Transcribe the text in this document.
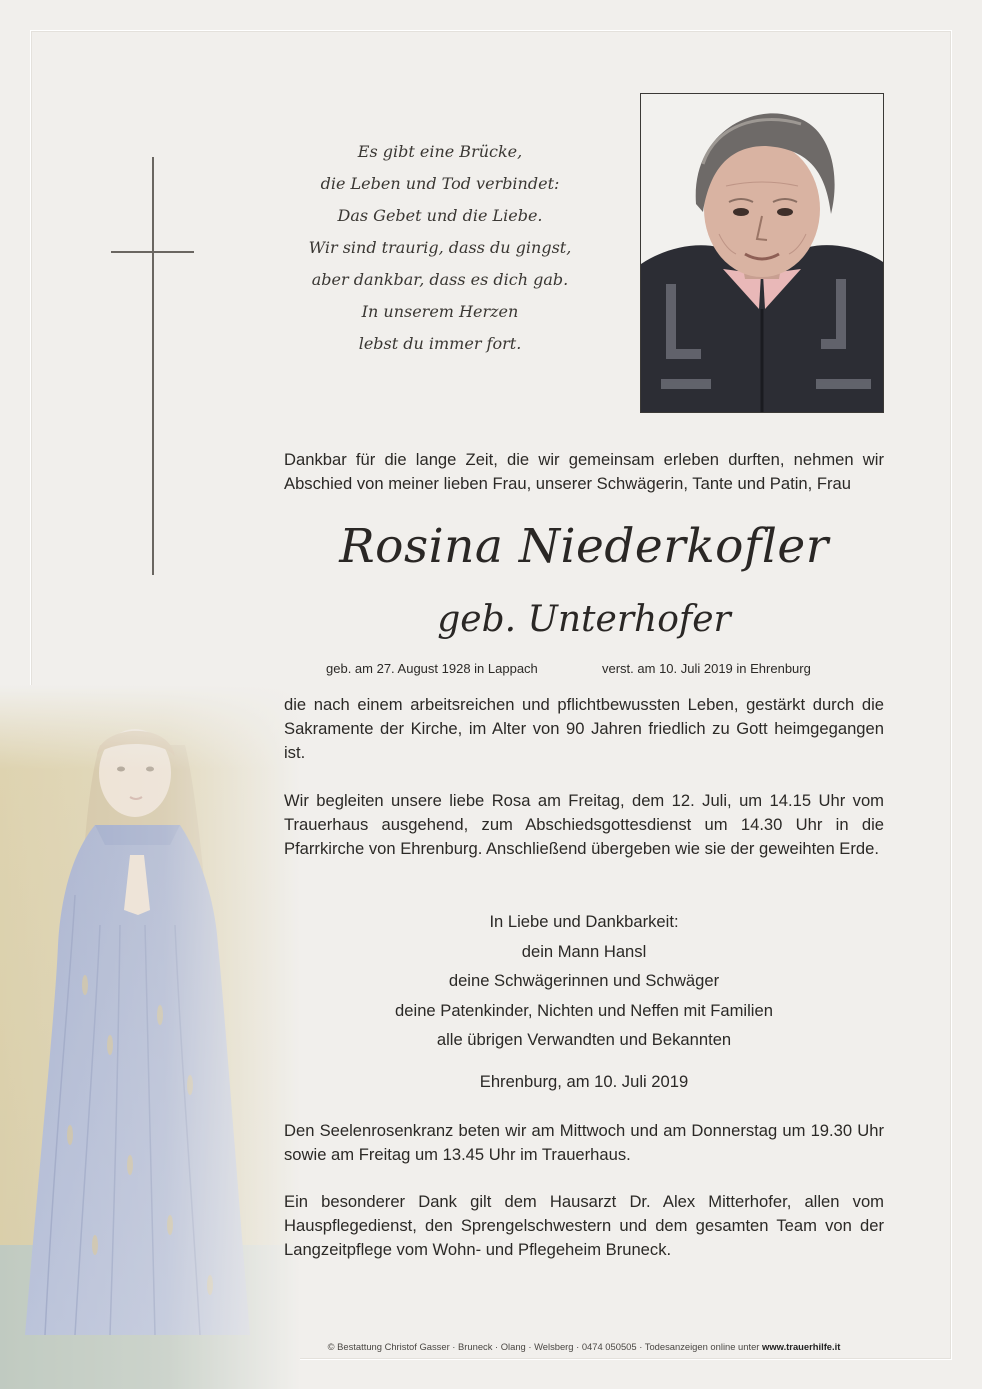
Es gibt eine Brücke,
die Leben und Tod verbindet:
Das Gebet und die Liebe.
Wir sind traurig, dass du gingst,
aber dankbar, dass es dich gab.
In unserem Herzen
lebst du immer fort.
Dankbar für die lange Zeit, die wir gemeinsam erleben durften, nehmen wir Abschied von meiner lieben Frau, unserer Schwägerin, Tante und Patin, Frau
Rosina Niederkofler
geb. Unterhofer
geb. am 27. August 1928 in Lappach	verst. am 10. Juli 2019 in Ehrenburg
die nach einem arbeitsreichen und pflichtbewussten Leben, gestärkt durch die Sakramente der Kirche, im Alter von 90 Jahren friedlich zu Gott heimgegangen ist.
Wir begleiten unsere liebe Rosa am Freitag, dem 12. Juli, um 14.15 Uhr vom Trauerhaus ausgehend, zum Abschiedsgottesdienst um 14.30 Uhr in die Pfarrkirche von Ehrenburg. Anschließend übergeben wie sie der geweihten Erde.
In Liebe und Dankbarkeit:
dein Mann Hansl
deine Schwägerinnen und Schwäger
deine Patenkinder, Nichten und Neffen mit Familien
alle übrigen Verwandten und Bekannten
Ehrenburg, am 10. Juli 2019
Den Seelenrosenkranz beten wir am Mittwoch und am Donnerstag um 19.30 Uhr sowie am Freitag um 13.45 Uhr im Trauerhaus.
Ein besonderer Dank gilt dem Hausarzt Dr. Alex Mitterhofer, allen vom Hauspflegedienst, den Sprengelschwestern und dem gesamten Team von der Langzeitpflege vom Wohn- und Pflegeheim Bruneck.
© Bestattung Christof Gasser · Bruneck · Olang · Welsberg · 0474 050505 · Todesanzeigen online unter www.trauerhilfe.it
